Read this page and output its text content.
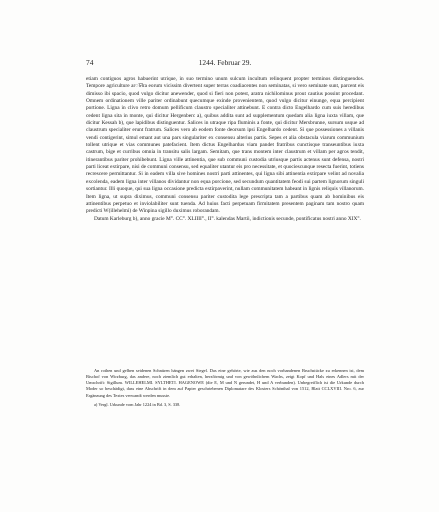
74	1244. Februar 29.

etiam contiguos agros habuerint utrique, in suo termino unum sulcum incultum relinquent propter terminos distinguendos. Tempore agriculture arातra eorum vicissim divertent super terras coadiacentes non seminatas, si vero seminate sunt, parcent eis dimisso ibi spacio, quod vulgo dicitur anewender, quod si fieri non potest, aratra nichilominus prout cautius possint procedant. Omnem ordinationem ville pariter ordinabunt quecumque exinde provenientem, quod vulgo dicitur einunge, equa percipient portione. Ligna in clivo retro domum pellificum claustro specialiter attinebunt. E contra dicto Engelhardo cum suis heredibus cedent ligna sita in monte, qui dicitur Hergenberc a), quibus addita sunt ad supplementum quedam alia ligna iuxta villam, que dicitur Kessah b), que lapidibus distinguentur. Salices in utraque ripa fluminis a fonte, qui dicitur Mersbrunne, sursum usque ad claustrum specialiter erunt fratrum. Salices vero ab eodem fonte deorsum ipsi Engelhardo cedent. Si que possessiones a villanis vendi contigerint, simul emant aut una pars singulariter ex consensu alterius partis. Sepes et alia obstacula viarum communium tollent utrique et vias communes patefacient. Item dictus Engelhardus viam pandet fratribus cunctisque transeuntibus iuxta castrum, bige et curribus omnia in transitu salis largam. Semitam, que trans montem inter claustrum et villam per agros tendit, itinerantibus pariter prohibebunt. Ligna ville attinentia, que sub communi custodia utriusque partis actenus sunt defensa, nostri parti liceat extirpare, nisi de communi consensu, sed equaliter utantur eis pro necessitate, et quociescunque resecta fuerint, totiens recrescere permittantur. Si in eadem villa sive homines nostri parti attinentes, qui ligna sibi attinentia extirpare velint ad novalia excolenda, eadem ligna inter villanos dividantur non equa porcione, sed secundum quantitatem feodi sui partem lignorum singuli sortiantur. Illi quoque, qui sua ligna occasione predicta extirpaverint, nullam communitatem habeant in lignis reliquis villanorum. Item ligna, ut supra diximus, communi consensu pariter custodita lege prescripta tam a partibus quam ab hominibus eis attinentibus perpetuo et inviolabiliter sunt tuenda. Ad huius facti perpetuam firmitatem presentem paginam tam nostro quam predicti W(illehelmi) de Winpina sigillo duximus roborandam.

Datum Karleburg b), anno gracie M°. CC°. XLIIII°., II°. kalendas Martii, indictionis secunde, pontificatus nostri anno XIX°.

An rothen und gelben seidenen Schnüren hängen zwei Siegel. Das eine gehörte, wie aus den noch vorhandenen Bruchstücke zu erkennen ist, dem Bischof von Wirzburg, das andere, noch ziemlich gut erhalten, herzförmig und von gewöhnlichem Wachs, zeigt Kopf und Hals eines Adlers mit der Umschrift: Sigillum. WILLEHELMI. SYLTHETI. HAGENOWE (die E, M und N gerundet, H und A verbunden). Unbegreiflich ist die Urkunde durch Moder so beschädigt, dass eine Abschrift in dem auf Papier geschriebenen Diplomatare des Klosters Schönthal von 1512, Blatt CCLXVIII. Nro. 6, zur Ergänzung des Textes verwandt werden musste.

a) Vergl. Urkunde vom Jahr 1224 in Bd. 3, S. 338.
